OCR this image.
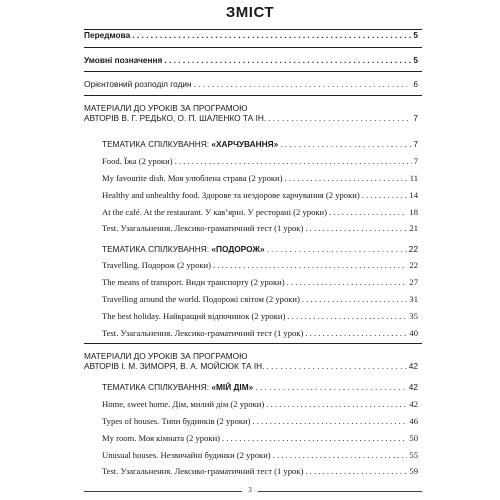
ЗМІСТ
Передмова . . .	5
Умовні позначення . . .	5
Орієнтовний розподіл годин . . .	6
МАТЕРІАЛИ ДО УРОКІВ ЗА ПРОГРАМОЮ
АВТОРІВ В. Г. РЕДЬКО, О. П. ШАЛЕНКО ТА ІН. . . .	7
ТЕМАТИКА СПІЛКУВАННЯ: «ХАРЧУВАННЯ» . . .	7
Food. Їжа (2 уроки) . . .	7
My favourite dish. Моя улюблена страва (2 уроки) . . .	11
Healthy and unhealthy food. Здорове та нездорове харчування (2 уроки) . . .	14
At the café. At the restaurant. У кав’ярні. У ресторані (2 уроки) . . .	18
Test. Узагальнення. Лексико-граматичний тест (1 урок) . . .	21
ТЕМАТИКА СПІЛКУВАННЯ: «ПОДОРОЖ» . . .	22
Travelling. Подорож (2 уроки) . . .	22
The means of transport. Види транспорту (2 уроки) . . .	27
Travelling around the world. Подорожі світом (2 уроки) . . .	31
The best holiday. Найкращий відпочинок (2 уроки) . . .	35
Test. Узагальнення. Лексико-граматичний тест (1 урок) . . .	40
МАТЕРІАЛИ ДО УРОКІВ ЗА ПРОГРАМОЮ
АВТОРІВ І. М. ЗИМОРЯ, В. А. МОЙСЮК ТА ІН. . . .	42
ТЕМАТИКА СПІЛКУВАННЯ: «МІЙ ДІМ» . . .	42
Home, sweet home. Дім, милий дім (2 уроки) . . .	42
Types of houses. Типи будинків (2 уроки) . . .	46
My room. Моя кімната (2 уроки) . . .	50
Unusual houses. Незвичайні будинки (2 уроки) . . .	55
Test. Узагальнення. Лексико-граматичний тест (1 урок) . . .	59
3
